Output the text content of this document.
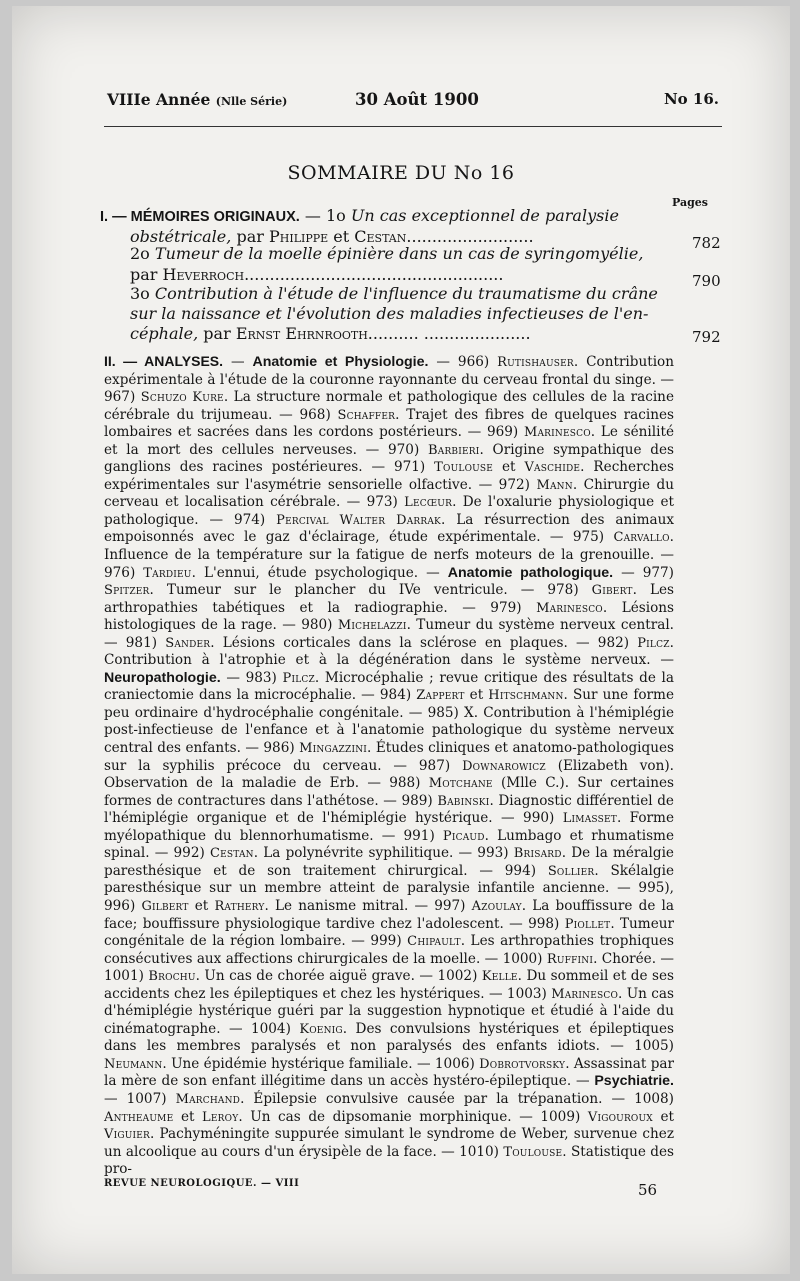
VIIIe Année (Nlle Série)	30 Août 1900	No 16.
SOMMAIRE DU No 16
Pages
I. — MÉMOIRES ORIGINAUX. — 1o Un cas exceptionnel de paralysie
obstétricale, par Philippe et Cestan.........................	782
2o Tumeur de la moelle épinière dans un cas de syringomyélie,
par Heverroch...................................................	790
3o Contribution à l'étude de l'influence du traumatisme du crâne
sur la naissance et l'évolution des maladies infectieuses de l'en-
céphale, par Ernst Ehrnrooth.......... .....................	792
II. — ANALYSES. — Anatomie et Physiologie. — 966) Rutishauser. Contribution expérimentale à l'étude de la couronne rayonnante du cerveau frontal du singe. — 967) Schuzo Kure. La structure normale et pathologique des cellules de la racine cérébrale du trijumeau. — 968) Schaffer. Trajet des fibres de quelques racines lombaires et sacrées dans les cordons postérieurs. — 969) Marinesco. Le sénilité et la mort des cellules nerveuses. — 970) Barbieri. Origine sympathique des ganglions des racines postérieures. — 971) Toulouse et Vaschide. Recherches expérimentales sur l'asymétrie sensorielle olfactive. — 972) Mann. Chirurgie du cerveau et localisation cérébrale. — 973) Lecœur. De l'oxalurie physiologique et pathologique. — 974) Percival Walter Darrak. La résurrection des animaux empoisonnés avec le gaz d'éclairage, étude expérimentale. — 975) Carvallo. Influence de la température sur la fatigue de nerfs moteurs de la grenouille. — 976) Tardieu. L'ennui, étude psychologique. — Anatomie pathologique. — 977) Spitzer. Tumeur sur le plancher du IVe ventricule. — 978) Gibert. Les arthropathies tabétiques et la radiographie. — 979) Marinesco. Lésions histologiques de la rage. — 980) Michelazzi. Tumeur du système nerveux central. — 981) Sander. Lésions corticales dans la sclérose en plaques. — 982) Pilcz. Contribution à l'atrophie et à la dégénération dans le système nerveux. — Neuropathologie. — 983) Pilcz. Microcéphalie ; revue critique des résultats de la craniectomie dans la microcéphalie. — 984) Zappert et Hitschmann. Sur une forme peu ordinaire d'hydrocéphalie congénitale. — 985) X. Contribution à l'hémiplégie post-infectieuse de l'enfance et à l'anatomie pathologique du système nerveux central des enfants. — 986) Mingazzini. Études cliniques et anatomo-pathologiques sur la syphilis précoce du cerveau. — 987) Downarowicz (Elizabeth von). Observation de la maladie de Erb. — 988) Motchane (Mlle C.). Sur certaines formes de contractures dans l'athétose. — 989) Babinski. Diagnostic différentiel de l'hémiplégie organique et de l'hémiplégie hystérique. — 990) Limasset. Forme myélopathique du blennorhumatisme. — 991) Picaud. Lumbago et rhumatisme spinal. — 992) Cestan. La polynévrite syphilitique. — 993) Brisard. De la méralgie paresthésique et de son traitement chirurgical. — 994) Sollier. Skélalgie paresthésique sur un membre atteint de paralysie infantile ancienne. — 995), 996) Gilbert et Rathery. Le nanisme mitral. — 997) Azoulay. La bouffissure de la face; bouffissure physiologique tardive chez l'adolescent. — 998) Piollet. Tumeur congénitale de la région lombaire. — 999) Chipault. Les arthropathies trophiques consécutives aux affections chirurgicales de la moelle. — 1000) Ruffini. Chorée. — 1001) Brochu. Un cas de chorée aiguë grave. — 1002) Kelle. Du sommeil et de ses accidents chez les épileptiques et chez les hystériques. — 1003) Marinesco. Un cas d'hémiplégie hystérique guéri par la suggestion hypnotique et étudié à l'aide du cinématographe. — 1004) Koenig. Des convulsions hystériques et épileptiques dans les membres paralysés et non paralysés des enfants idiots. — 1005) Neumann. Une épidémie hystérique familiale. — 1006) Dobrotvorsky. Assassinat par la mère de son enfant illégitime dans un accès hystéro-épileptique. — Psychiatrie. — 1007) Marchand. Épilepsie convulsive causée par la trépanation. — 1008) Antheaume et Leroy. Un cas de dipsomanie morphinique. — 1009) Vigouroux et Viguier. Pachyméningite suppurée simulant le syndrome de Weber, survenue chez un alcoolique au cours d'un érysipèle de la face. — 1010) Toulouse. Statistique des pro-
REVUE NEUROLOGIQUE. — VIII	56
